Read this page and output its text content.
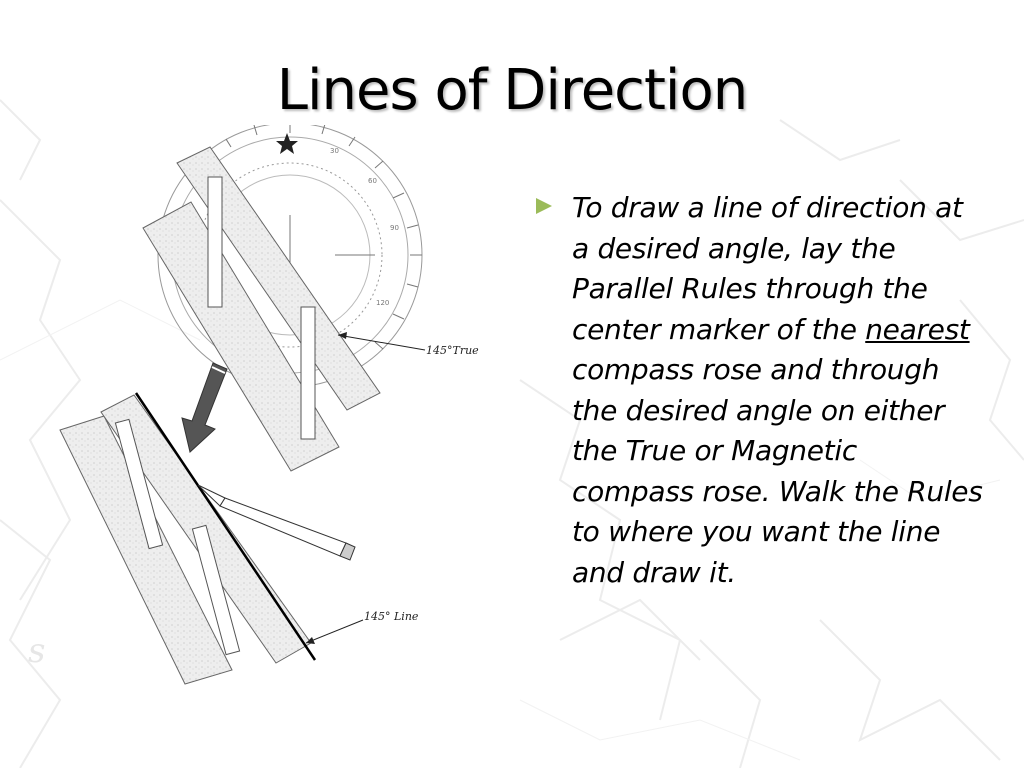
s
Lines of Direction
30
60
90
120
145°True
145° Line
To draw a line of direction at a desired angle, lay the Parallel Rules through the center marker of the nearest compass rose and through the desired angle on either the True or Magnetic compass rose. Walk the Rules to where you want the line and draw it.
